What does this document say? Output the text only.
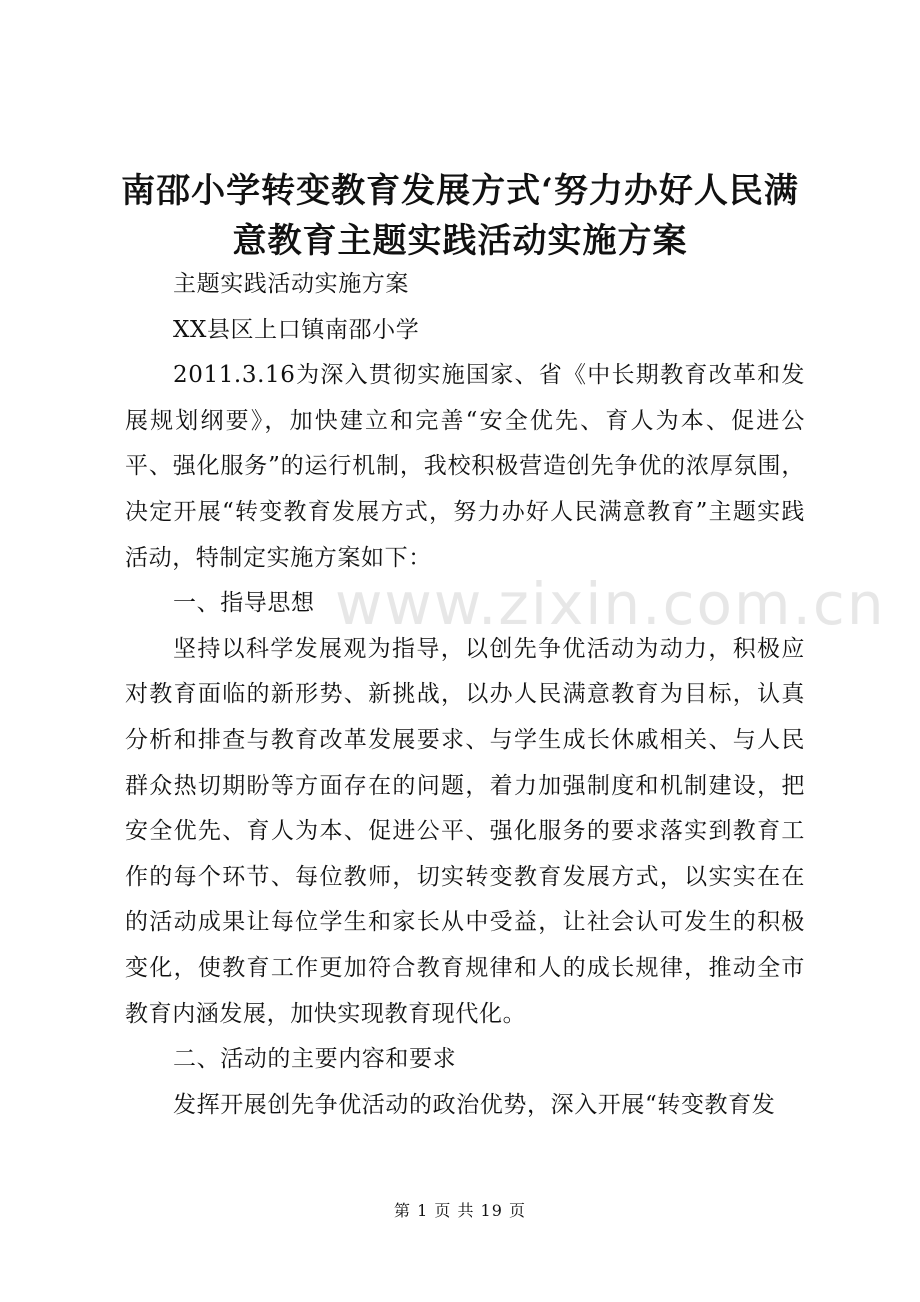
南邵小学转变教育发展方式‘努力办好人民满意教育主题实践活动实施方案

主题实践活动实施方案

XX县区上口镇南邵小学

2011.3.16为深入贯彻实施国家、省《中长期教育改革和发展规划纲要》，加快建立和完善“安全优先、育人为本、促进公平、强化服务”的运行机制，我校积极营造创先争优的浓厚氛围，决定开展“转变教育发展方式，努力办好人民满意教育”主题实践活动，特制定实施方案如下：

一、指导思想

坚持以科学发展观为指导，以创先争优活动为动力，积极应对教育面临的新形势、新挑战，以办人民满意教育为目标，认真分析和排查与教育改革发展要求、与学生成长休戚相关、与人民群众热切期盼等方面存在的问题，着力加强制度和机制建设，把安全优先、育人为本、促进公平、强化服务的要求落实到教育工作的每个环节、每位教师，切实转变教育发展方式，以实实在在的活动成果让每位学生和家长从中受益，让社会认可发生的积极变化，使教育工作更加符合教育规律和人的成长规律，推动全市教育内涵发展，加快实现教育现代化。

二、活动的主要内容和要求

发挥开展创先争优活动的政治优势，深入开展“转变教育发

www.zixin.com.cn
第 1 页 共 19 页
